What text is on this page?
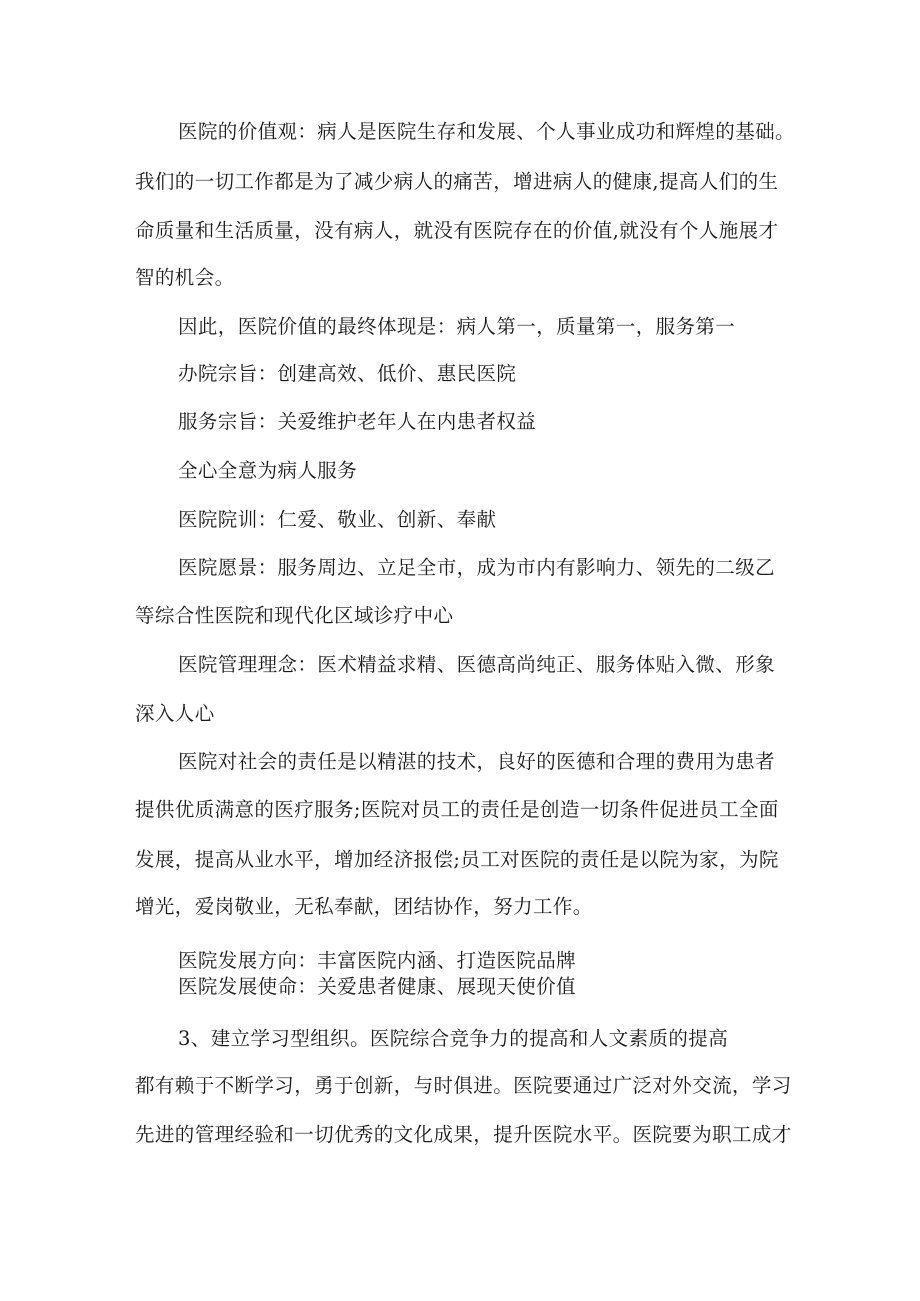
医院的价值观：病人是医院生存和发展、个人事业成功和辉煌的基础。
我们的一切工作都是为了减少病人的痛苦，增进病人的健康,提高人们的生
命质量和生活质量，没有病人，就没有医院存在的价值,就没有个人施展才
智的机会。
因此，医院价值的最终体现是：病人第一，质量第一，服务第一
办院宗旨：创建高效、低价、惠民医院
服务宗旨：关爱维护老年人在内患者权益
全心全意为病人服务
医院院训：仁爱、敬业、创新、奉献
医院愿景：服务周边、立足全市，成为市内有影响力、领先的二级乙
等综合性医院和现代化区域诊疗中心
医院管理理念：医术精益求精、医德高尚纯正、服务体贴入微、形象
深入人心
医院对社会的责任是以精湛的技术，良好的医德和合理的费用为患者
提供优质满意的医疗服务;医院对员工的责任是创造一切条件促进员工全面
发展，提高从业水平，增加经济报偿;员工对医院的责任是以院为家，为院
增光，爱岗敬业，无私奉献，团结协作，努力工作。
医院发展方向：丰富医院内涵、打造医院品牌
医院发展使命：关爱患者健康、展现天使价值
3、建立学习型组织。医院综合竞争力的提高和人文素质的提高
都有赖于不断学习，勇于创新，与时俱进。医院要通过广泛对外交流，学习
先进的管理经验和一切优秀的文化成果，提升医院水平。医院要为职工成才
